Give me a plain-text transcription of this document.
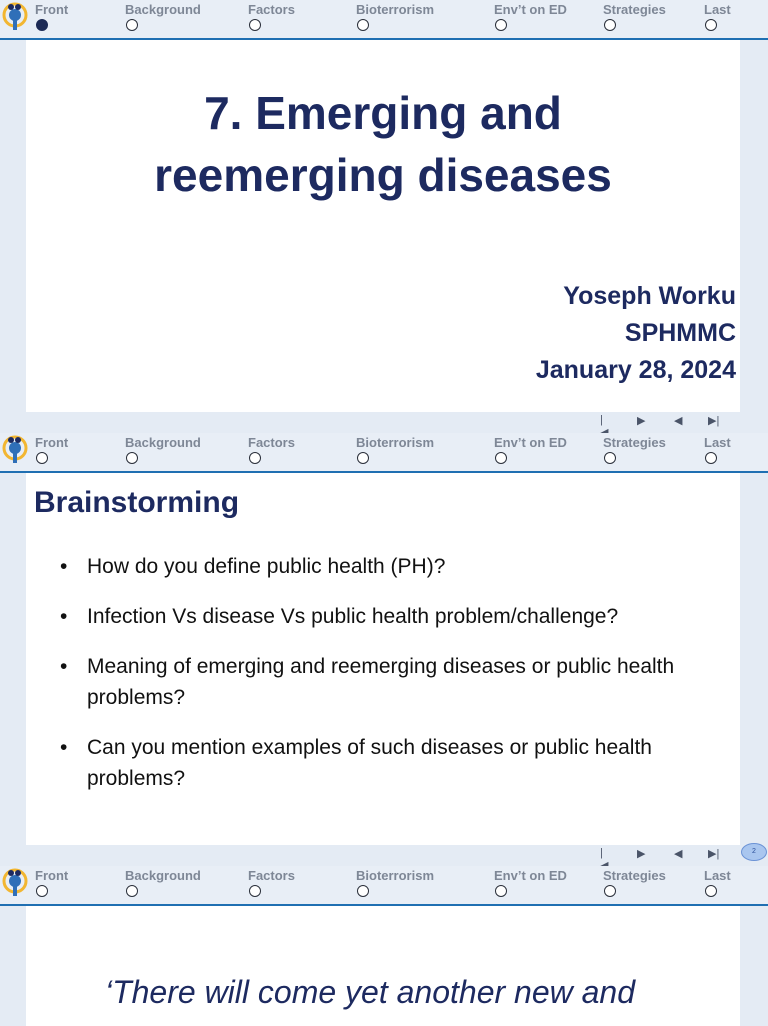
Front	Background	Factors	Bioterrorism	Env’t on ED	Strategies	Last
7. Emerging and
reemerging diseases
Yoseph Worku
SPHMMC
January 28, 2024
|	▶	◀ ▶|
Front	Background	Factors	Bioterrorism	Env’t on ED	Strategies	Last
Brainstorming
• How do you define public health (PH)?
• Infection Vs disease Vs public health problem/challenge?
• Meaning of emerging and reemerging diseases or public health problems?
• Can you mention examples of such diseases or public health problems?
|	▶	◀ ▶|	2
Front	Background	Factors	Bioterrorism	Env’t on ED	Strategies	Last

‘There will come yet another new and
